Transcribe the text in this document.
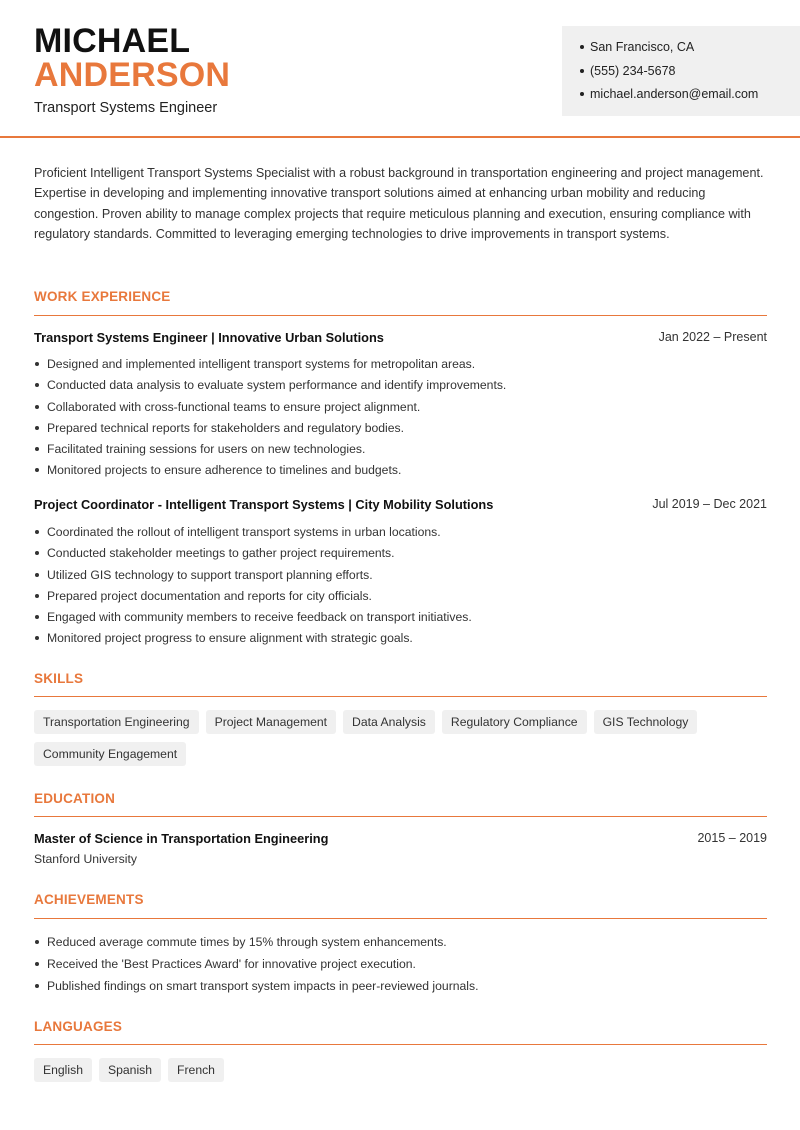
MICHAEL
ANDERSON
Transport Systems Engineer
San Francisco, CA
(555) 234-5678
michael.anderson@email.com

Proficient Intelligent Transport Systems Specialist with a robust background in transportation engineering and project management. Expertise in developing and implementing innovative transport solutions aimed at enhancing urban mobility and reducing congestion. Proven ability to manage complex projects that require meticulous planning and execution, ensuring compliance with regulatory standards. Committed to leveraging emerging technologies to drive improvements in transport systems.

WORK EXPERIENCE
Transport Systems Engineer | Innovative Urban Solutions	Jan 2022 – Present
Designed and implemented intelligent transport systems for metropolitan areas.
Conducted data analysis to evaluate system performance and identify improvements.
Collaborated with cross-functional teams to ensure project alignment.
Prepared technical reports for stakeholders and regulatory bodies.
Facilitated training sessions for users on new technologies.
Monitored projects to ensure adherence to timelines and budgets.
Project Coordinator - Intelligent Transport Systems | City Mobility Solutions	Jul 2019 – Dec 2021
Coordinated the rollout of intelligent transport systems in urban locations.
Conducted stakeholder meetings to gather project requirements.
Utilized GIS technology to support transport planning efforts.
Prepared project documentation and reports for city officials.
Engaged with community members to receive feedback on transport initiatives.
Monitored project progress to ensure alignment with strategic goals.
SKILLS
Transportation Engineering	Project Management	Data Analysis	Regulatory Compliance	GIS Technology
Community Engagement
EDUCATION
Master of Science in Transportation Engineering	2015 – 2019
Stanford University
ACHIEVEMENTS
Reduced average commute times by 15% through system enhancements.
Received the 'Best Practices Award' for innovative project execution.
Published findings on smart transport system impacts in peer-reviewed journals.
LANGUAGES
English	Spanish	French
